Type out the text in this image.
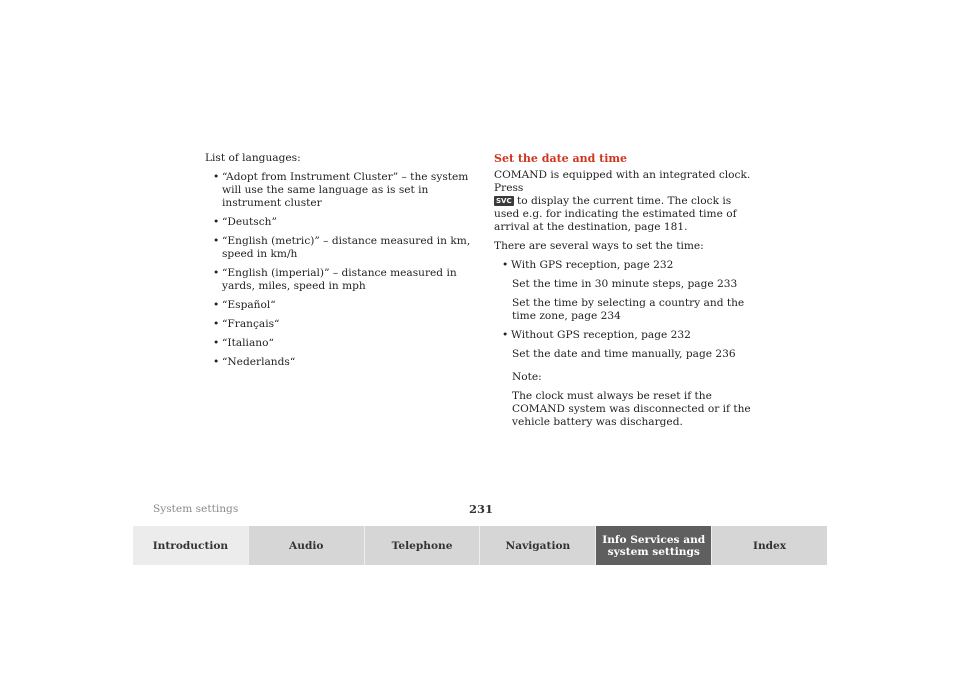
List of languages:

• “Adopt from Instrument Cluster” – the system will use the same language as is set in instrument cluster
• “Deutsch”
• “English (metric)” – distance measured in km, speed in km/h
• “English (imperial)” – distance measured in yards, miles, speed in mph
• “Español“
• “Français“
• “Italiano“
• “Nederlands“

Set the date and time

COMAND is equipped with an integrated clock. Press
SVC to display the current time. The clock is used e.g. for indicating the estimated time of arrival at the destination, page 181.

There are several ways to set the time:

• With GPS reception, page 232

Set the time in 30 minute steps, page 233

Set the time by selecting a country and the time zone, page 234

• Without GPS reception, page 232

Set the date and time manually, page 236

Note:

The clock must always be reset if the COMAND system was disconnected or if the vehicle battery was discharged.

System settings	231
Introduction	Audio	Telephone	Navigation	Info Services and
system settings	Index
